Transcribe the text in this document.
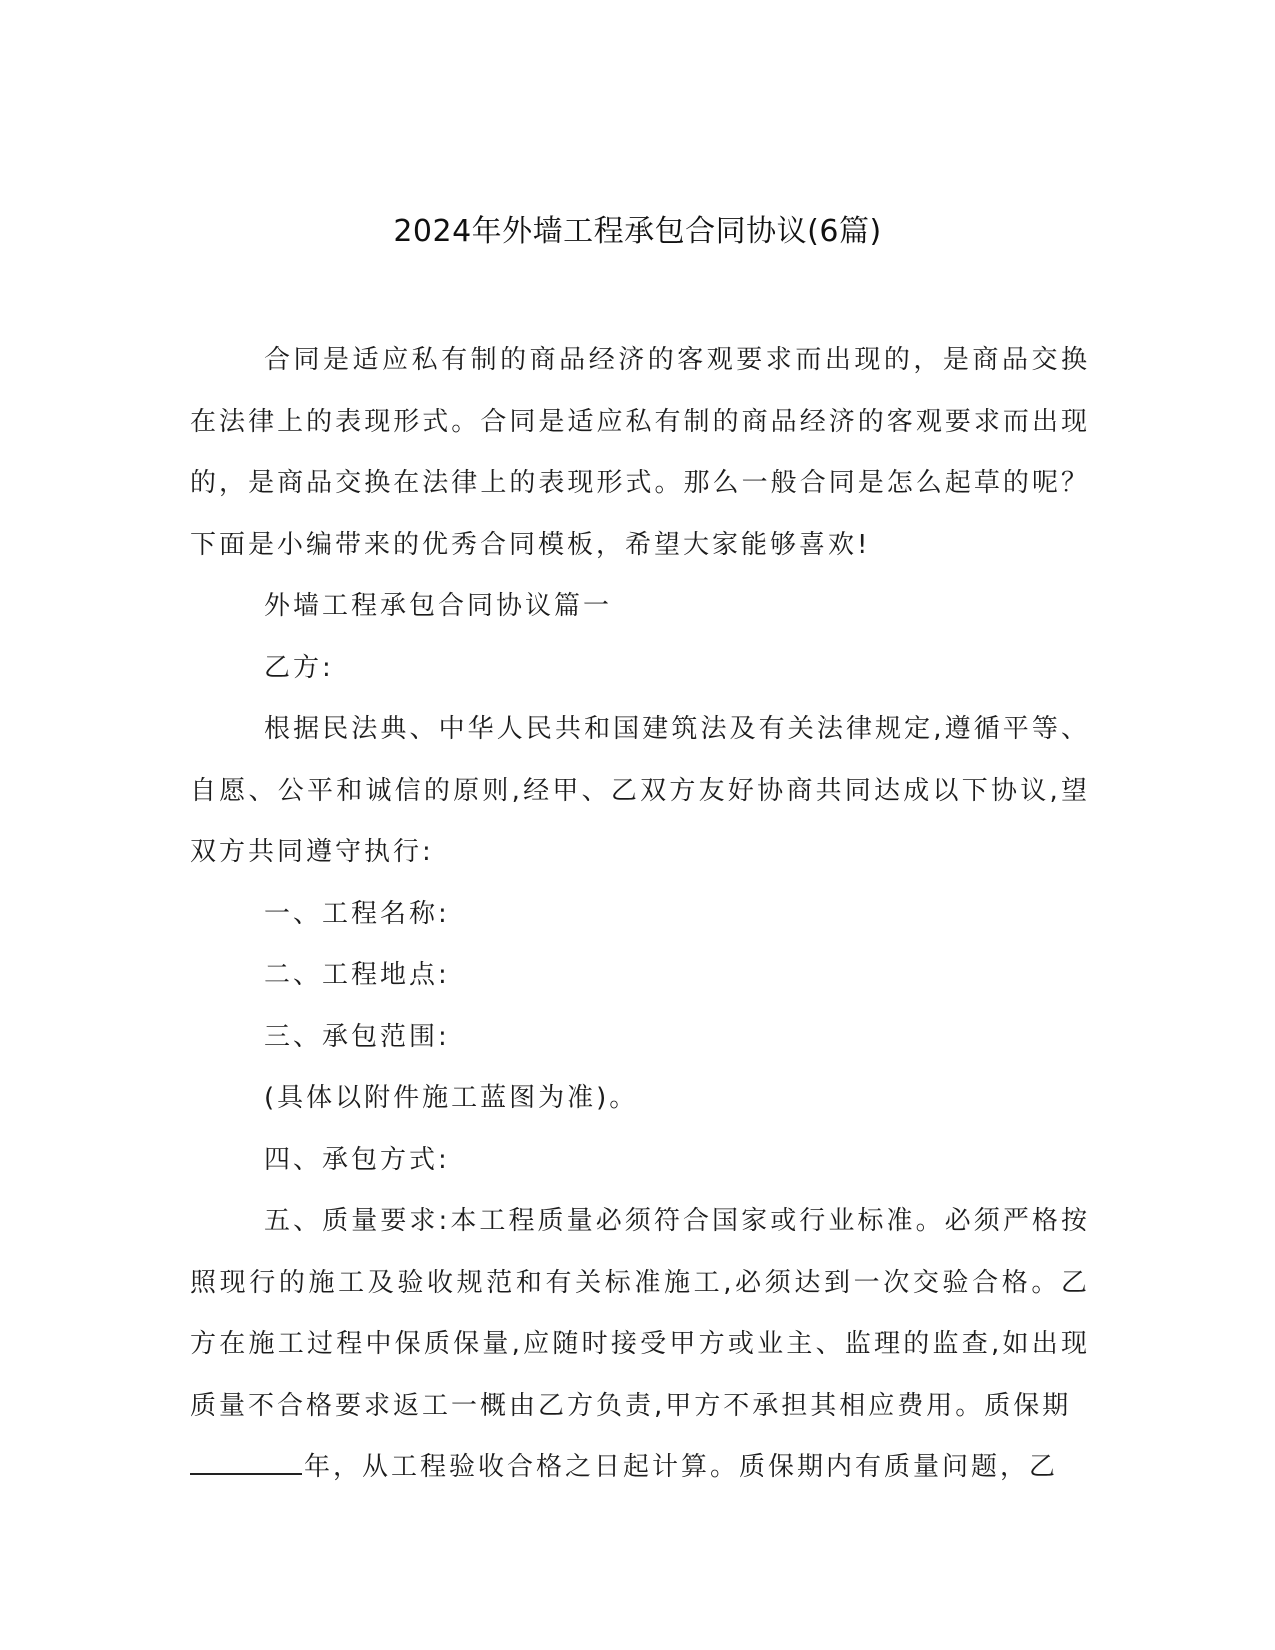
2024年外墙工程承包合同协议(6篇)

合同是适应私有制的商品经济的客观要求而出现的，是商品交换在法律上的表现形式。合同是适应私有制的商品经济的客观要求而出现的，是商品交换在法律上的表现形式。那么一般合同是怎么起草的呢？下面是小编带来的优秀合同模板，希望大家能够喜欢!

外墙工程承包合同协议篇一

乙方:

根据民法典、中华人民共和国建筑法及有关法律规定,遵循平等、自愿、公平和诚信的原则,经甲、乙双方友好协商共同达成以下协议,望双方共同遵守执行:

一、工程名称:

二、工程地点:

三、承包范围:

(具体以附件施工蓝图为准)。

四、承包方式:

五、质量要求:本工程质量必须符合国家或行业标准。必须严格按照现行的施工及验收规范和有关标准施工,必须达到一次交验合格。乙方在施工过程中保质保量,应随时接受甲方或业主、监理的监查,如出现质量不合格要求返工一概由乙方负责,甲方不承担其相应费用。质保期
年，从工程验收合格之日起计算。质保期内有质量问题，乙
